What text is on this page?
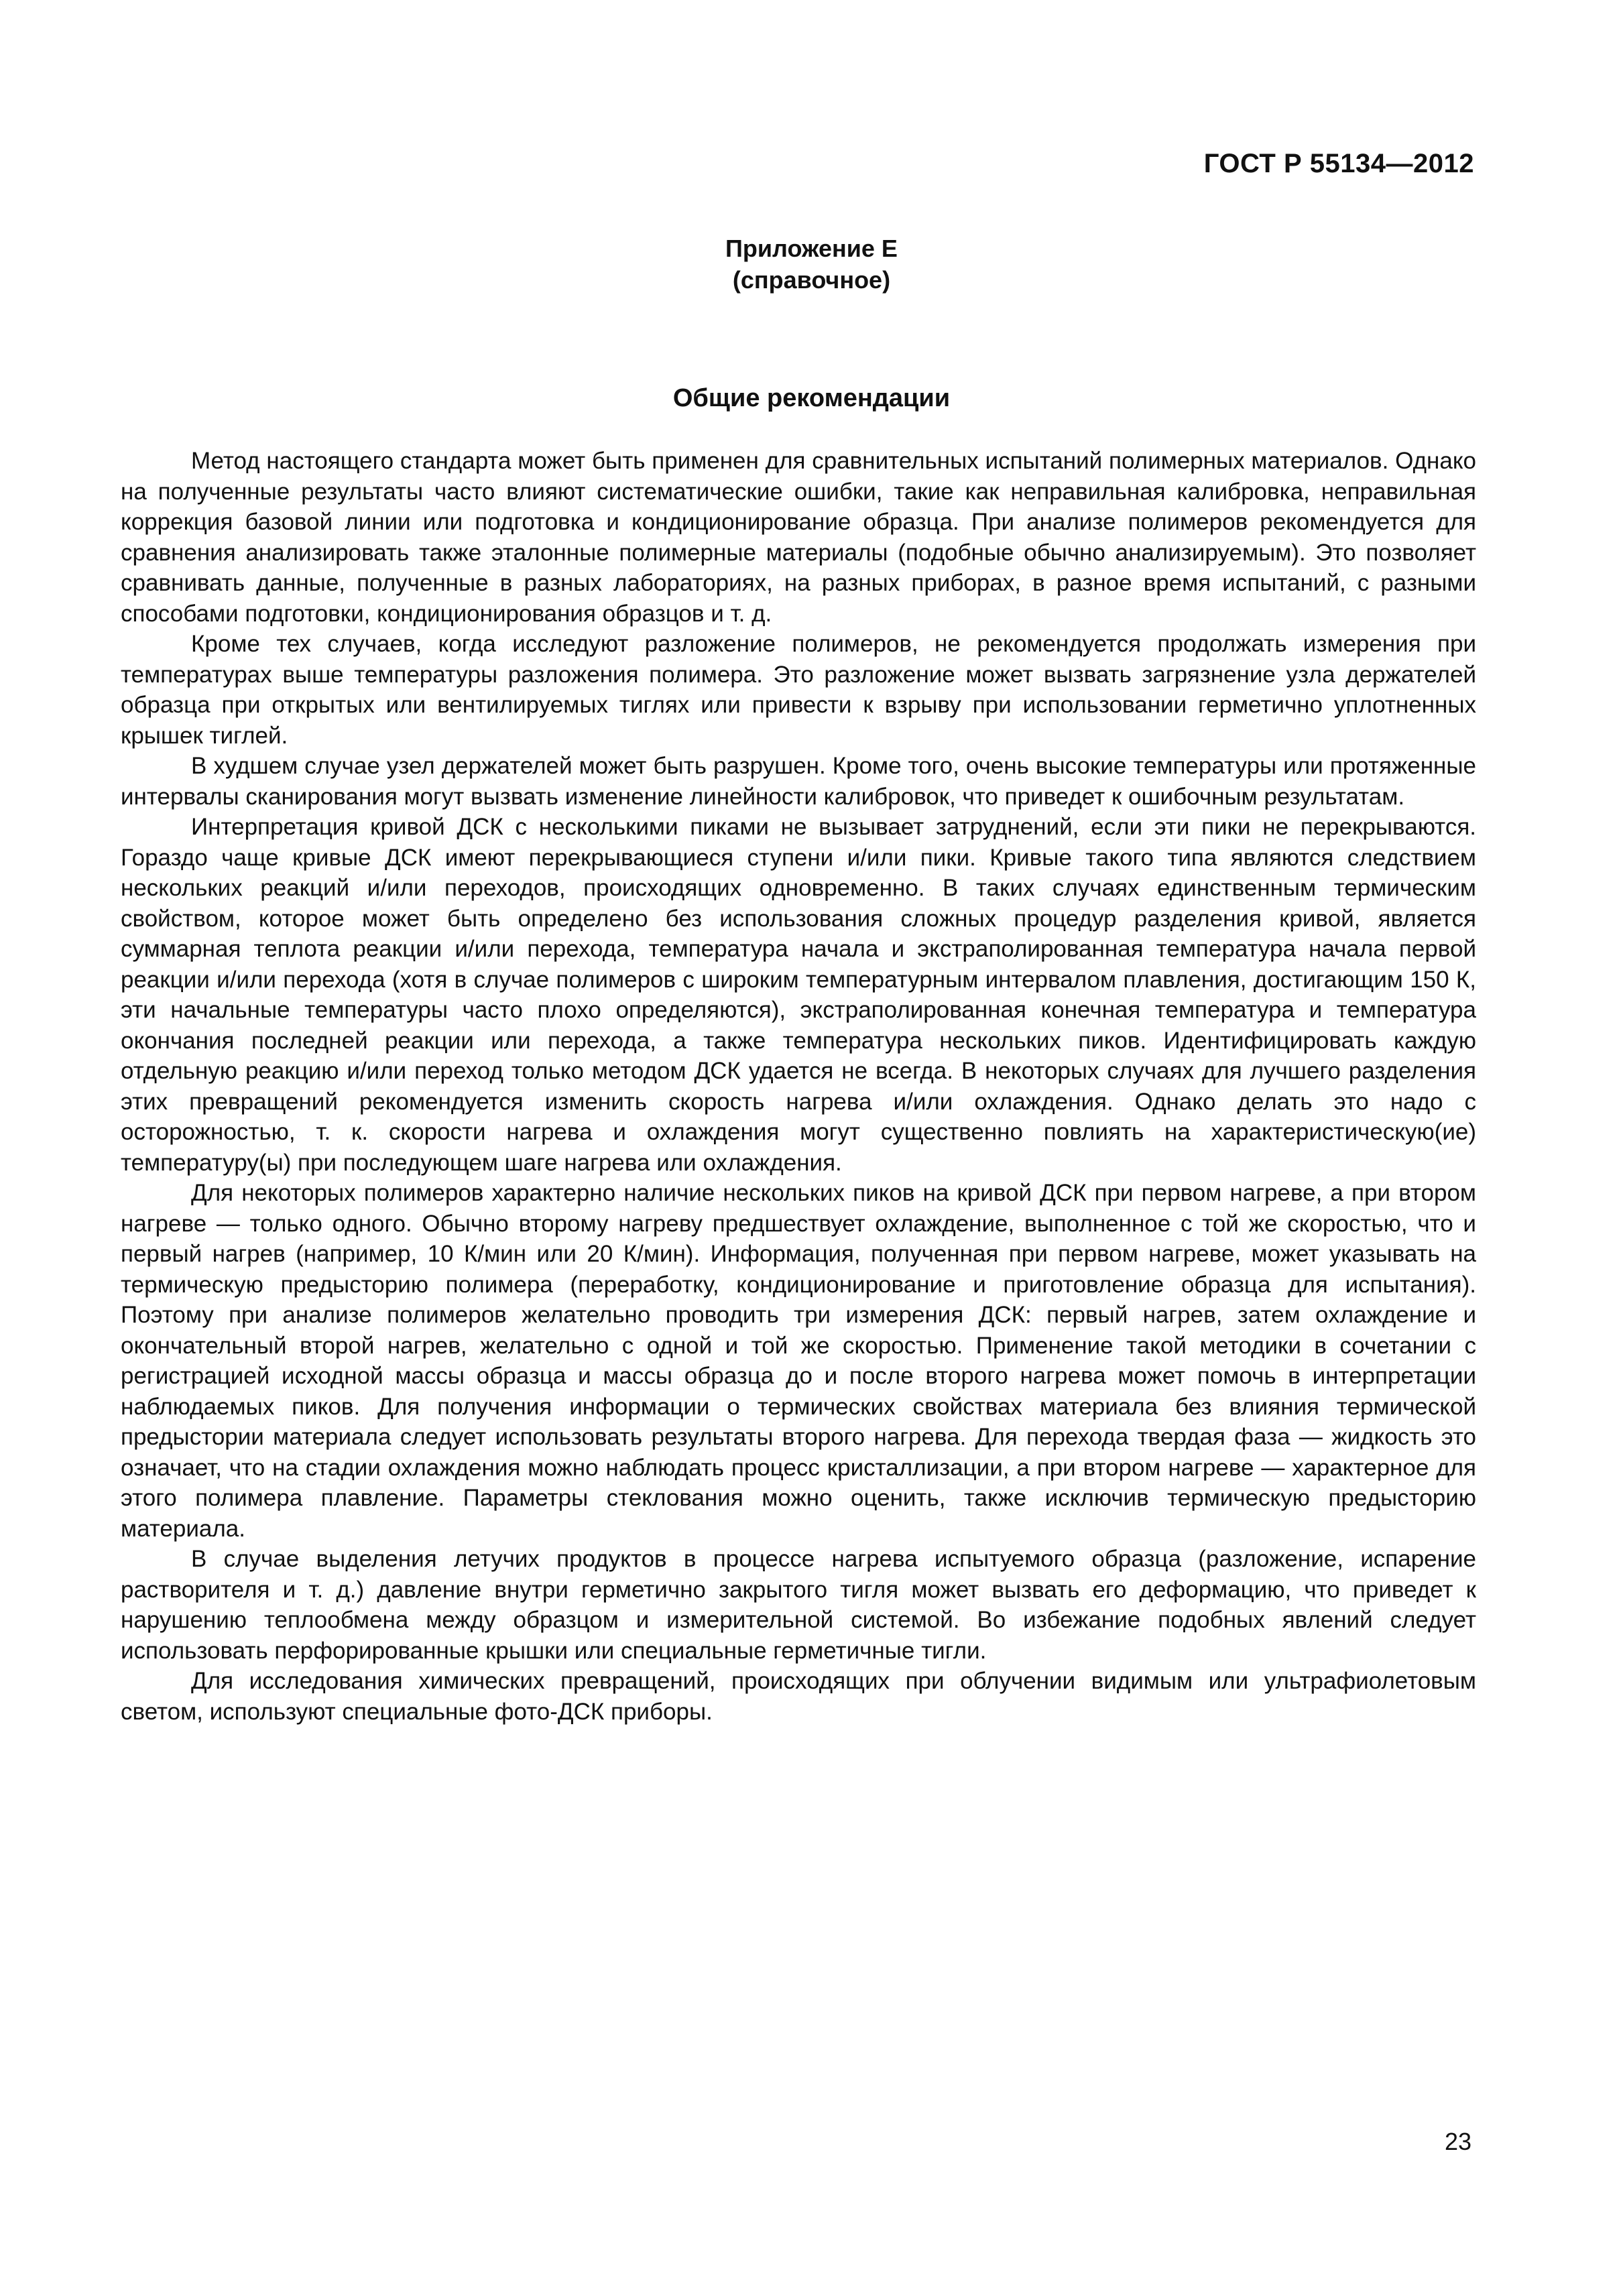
ГОСТ Р 55134—2012
Приложение Е
(справочное)
Общие рекомендации

Метод настоящего стандарта может быть применен для сравнительных испытаний полимерных материалов. Однако на полученные результаты часто влияют систематические ошибки, такие как неправильная калибровка, неправильная коррекция базовой линии или подготовка и кондиционирование образца. При анализе полимеров рекомендуется для сравнения анализировать также эталонные полимерные материалы (подобные обычно анализируемым). Это позволяет сравнивать данные, полученные в разных лабораториях, на разных приборах, в разное время испытаний, с разными способами подготовки, кондиционирования образцов и т. д.

Кроме тех случаев, когда исследуют разложение полимеров, не рекомендуется продолжать измерения при температурах выше температуры разложения полимера. Это разложение может вызвать загрязнение узла держателей образца при открытых или вентилируемых тиглях или привести к взрыву при использовании герметично уплотненных крышек тиглей.

В худшем случае узел держателей может быть разрушен. Кроме того, очень высокие температуры или протяженные интервалы сканирования могут вызвать изменение линейности калибровок, что приведет к ошибочным результатам.

Интерпретация кривой ДСК с несколькими пиками не вызывает затруднений, если эти пики не перекрываются. Гораздо чаще кривые ДСК имеют перекрывающиеся ступени и/или пики. Кривые такого типа являются следствием нескольких реакций и/или переходов, происходящих одновременно. В таких случаях единственным термическим свойством, которое может быть определено без использования сложных процедур разделения кривой, является суммарная теплота реакции и/или перехода, температура начала и экстраполированная температура начала первой реакции и/или перехода (хотя в случае полимеров с широким температурным интервалом плавления, достигающим 150 К, эти начальные температуры часто плохо определяются), экстраполированная конечная температура и температура окончания последней реакции или перехода, а также температура нескольких пиков. Идентифицировать каждую отдельную реакцию и/или переход только методом ДСК удается не всегда. В некоторых случаях для лучшего разделения этих превращений рекомендуется изменить скорость нагрева и/или охлаждения. Однако делать это надо с осторожностью, т. к. скорости нагрева и охлаждения могут существенно повлиять на характеристическую(ие) температуру(ы) при последующем шаге нагрева или охлаждения.

Для некоторых полимеров характерно наличие нескольких пиков на кривой ДСК при первом нагреве, а при втором нагреве — только одного. Обычно второму нагреву предшествует охлаждение, выполненное с той же скоростью, что и первый нагрев (например, 10 К/мин или 20 К/мин). Информация, полученная при первом нагреве, может указывать на термическую предысторию полимера (переработку, кондиционирование и приготовление образца для испытания). Поэтому при анализе полимеров желательно проводить три измерения ДСК: первый нагрев, затем охлаждение и окончательный второй нагрев, желательно с одной и той же скоростью. Применение такой методики в сочетании с регистрацией исходной массы образца и массы образца до и после второго нагрева может помочь в интерпретации наблюдаемых пиков. Для получения информации о термических свойствах материала без влияния термической предыстории материала следует использовать результаты второго нагрева. Для перехода твердая фаза — жидкость это означает, что на стадии охлаждения можно наблюдать процесс кристаллизации, а при втором нагреве — характерное для этого полимера плавление. Параметры стеклования можно оценить, также исключив термическую предысторию материала.

В случае выделения летучих продуктов в процессе нагрева испытуемого образца (разложение, испарение растворителя и т. д.) давление внутри герметично закрытого тигля может вызвать его деформацию, что приведет к нарушению теплообмена между образцом и измерительной системой. Во избежание подобных явлений следует использовать перфорированные крышки или специальные герметичные тигли.

Для исследования химических превращений, происходящих при облучении видимым или ультрафиолетовым светом, используют специальные фото-ДСК приборы.

23
